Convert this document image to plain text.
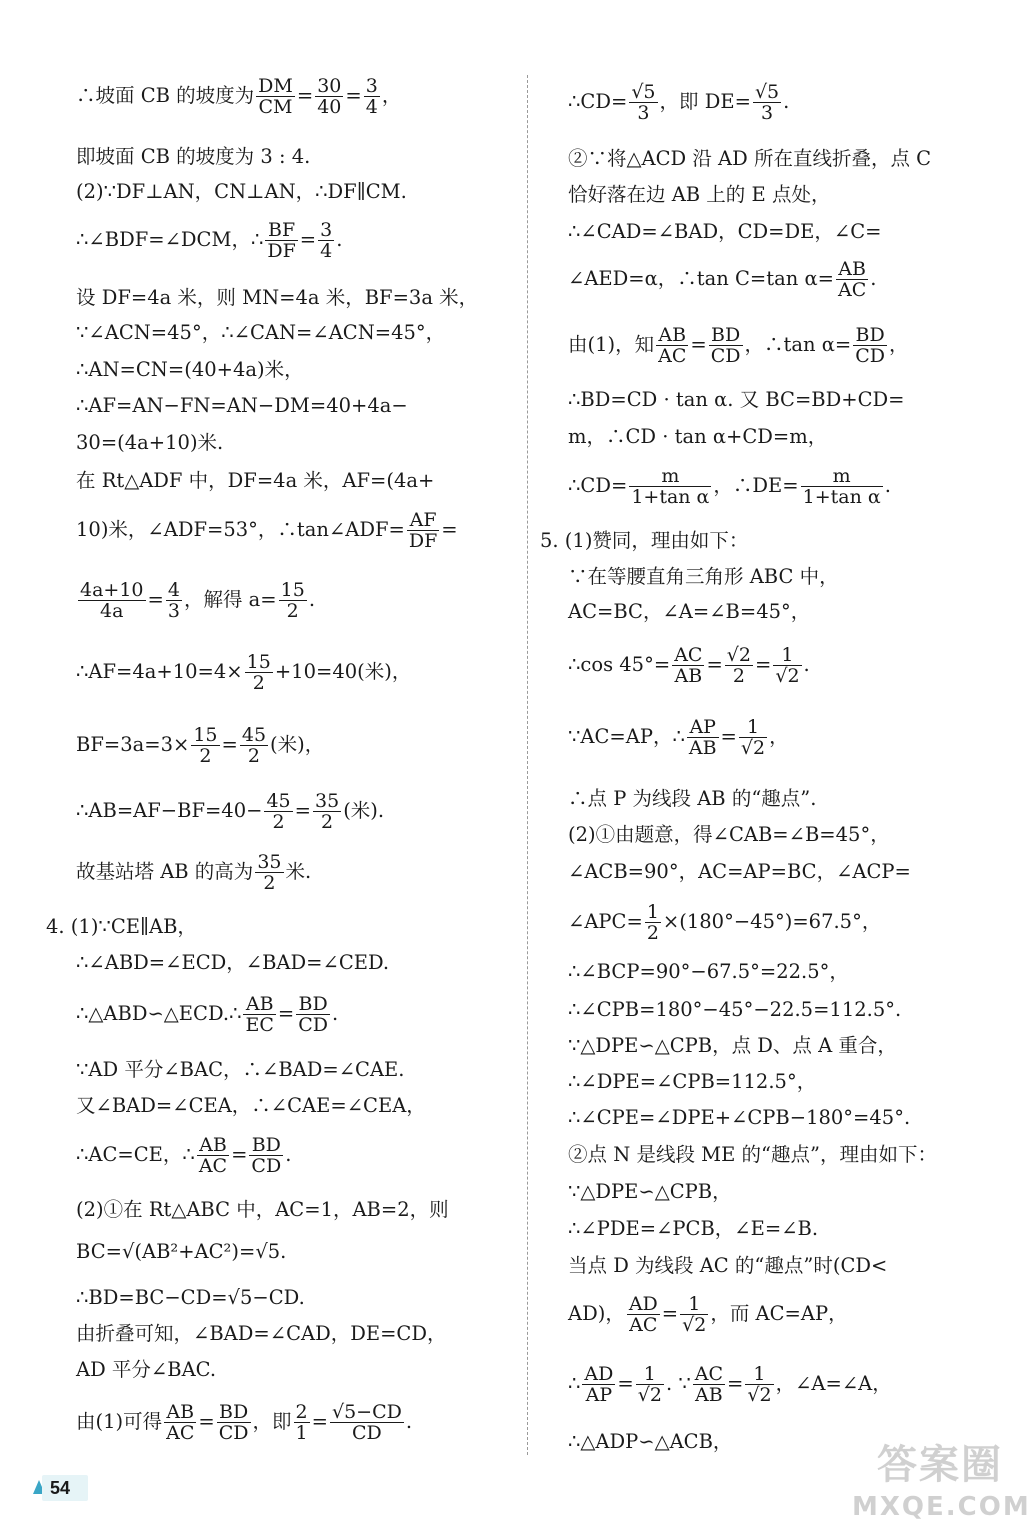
∴坡面 CB 的坡度为 $\frac{DM}{CM} = \frac{30}{40} = \frac{3}{4}$ ，
即坡面 CB 的坡度为 3 : 4.
(2)∵DF⊥AN，CN⊥AN，∴DF∥CM.
∴∠BDF=∠DCM，∴ $\frac{BF}{DF} = \frac{3}{4}$ .
设 DF=4a 米，则 MN=4a 米，BF=3a 米，
∵∠ACN=45°，∴∠CAN=∠ACN=45°，
∴AN=CN=(40+4a)米，
∴AF=AN−FN=AN−DM=40+4a−
30=(4a+10)米.
在 Rt△ADF 中，DF=4a 米，AF=(4a+
10)米，∠ADF=53°，∴tan∠ADF= $\frac{AF}{DF}$ =
$\frac{4a+10}{4a} = \frac{4}{3}$ ，解得 $a= \frac{15}{2}$ .
∴AF=4a+10=4× $\frac{15}{2} +10=40$(米)，
$BF=3a=3\times \frac{15}{2} = \frac{45}{2}$ (米)，
∴AB=AF−BF=40− $\frac{45}{2} = \frac{35}{2}$ (米).
故基站塔 AB 的高为 $\frac{35}{2}$ 米.
4. (1)∵CE∥AB，
∴∠ABD=∠ECD，∠BAD=∠CED.
∴△ABD∽△ECD.∴ $\frac{AB}{EC} = \frac{BD}{CD}$ .
∵AD 平分∠BAC，∴∠BAD=∠CAE.
又∠BAD=∠CEA，∴∠CAE=∠CEA，
∴AC=CE，∴ $\frac{AB}{AC} = \frac{BD}{CD}$ .
(2)①在 Rt△ABC 中，AC=1，AB=2，则
BC=√(AB²+AC²)=√5.
∴BD=BC−CD=√5−CD.
由折叠可知，∠BAD=∠CAD，DE=CD，
AD 平分∠BAC.
由(1)可得 $\frac{AB}{AC} = \frac{BD}{CD}$ ，即 $\frac{2}{1} = \frac{√5-CD}{CD}$ .
∴CD= $\frac{√5}{3}$ ，即 $DE= \frac{√5}{3}$ .
②∵将△ACD 沿 AD 所在直线折叠，点 C
恰好落在边 AB 上的 E 点处，
∴∠CAD=∠BAD，CD=DE，∠C=
∠AED=α，∴tan C=tan $\alpha= \frac{AB}{AC}$ .
由(1)，知 $\frac{AB}{AC} = \frac{BD}{CD}$ ，∴tan $\alpha= \frac{BD}{CD}$ ，
∴BD=CD · tan α. 又 BC=BD+CD=
m，∴CD · tan α+CD=m，
∴CD= $\frac{m}{\text{1+tan α}}$ ，∴DE= $\frac{m}{\text{1+tan α}}$ .
5. (1)赞同，理由如下：
∵在等腰直角三角形 ABC 中，
AC=BC，∠A=∠B=45°，
∴cos $45^\circ= \frac{AC}{AB} = \frac{√2}{2} = \frac{1}{√2}$ .
∵AC=AP，∴ $\frac{AP}{AB} = \frac{1}{√2}$ ，
∴点 P 为线段 AB 的“趣点”.
(2)①由题意，得∠CAB=∠B=45°，
∠ACB=90°，AC=AP=BC，∠ACP=
∠APC= $\frac{1}{2} \times(180^\circ-45^\circ)=67.5^\circ$，
∴∠BCP=90°−67.5°=22.5°，
∴∠CPB=180°−45°−22.5=112.5°.
∵△DPE∽△CPB，点 D、点 A 重合，
∴∠DPE=∠CPB=112.5°，
∴∠CPE=∠DPE+∠CPB−180°=45°.
②点 N 是线段 ME 的“趣点”，理由如下：
∵△DPE∽△CPB，
∴∠PDE=∠PCB，∠E=∠B.
当点 D 为线段 AC 的“趣点”时(CD<
AD)， $\frac{AD}{AC} = \frac{1}{√2}$ ，而 AC=AP，
∴ $\frac{AD}{AP} = \frac{1}{√2}$ . ∵ $\frac{AC}{AB} = \frac{1}{√2}$ ，∠A=∠A，
∴△ADP∽△ACB，
54	答案圈
MXQE.COM
